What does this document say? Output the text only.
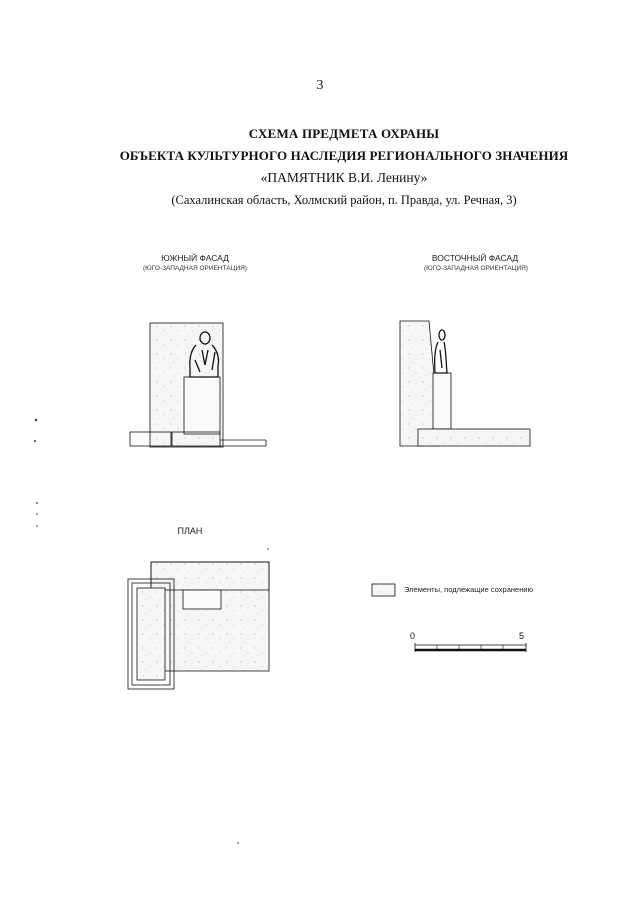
3
СХЕМА ПРЕДМЕТА ОХРАНЫ
ОБЪЕКТА КУЛЬТУРНОГО НАСЛЕДИЯ РЕГИОНАЛЬНОГО ЗНАЧЕНИЯ
«ПАМЯТНИК В.И. Ленину»
(Сахалинская область, Холмский район, п. Правда, ул. Речная, 3)
ЮЖНЫЙ ФАСАД
(ЮГО-ЗАПАДНАЯ ОРИЕНТАЦИЯ)
ВОСТОЧНЫЙ ФАСАД
(ЮГО-ЗАПАДНАЯ ОРИЕНТАЦИЯ)
ПЛАН
Элементы, подлежащие сохранению
0	5
